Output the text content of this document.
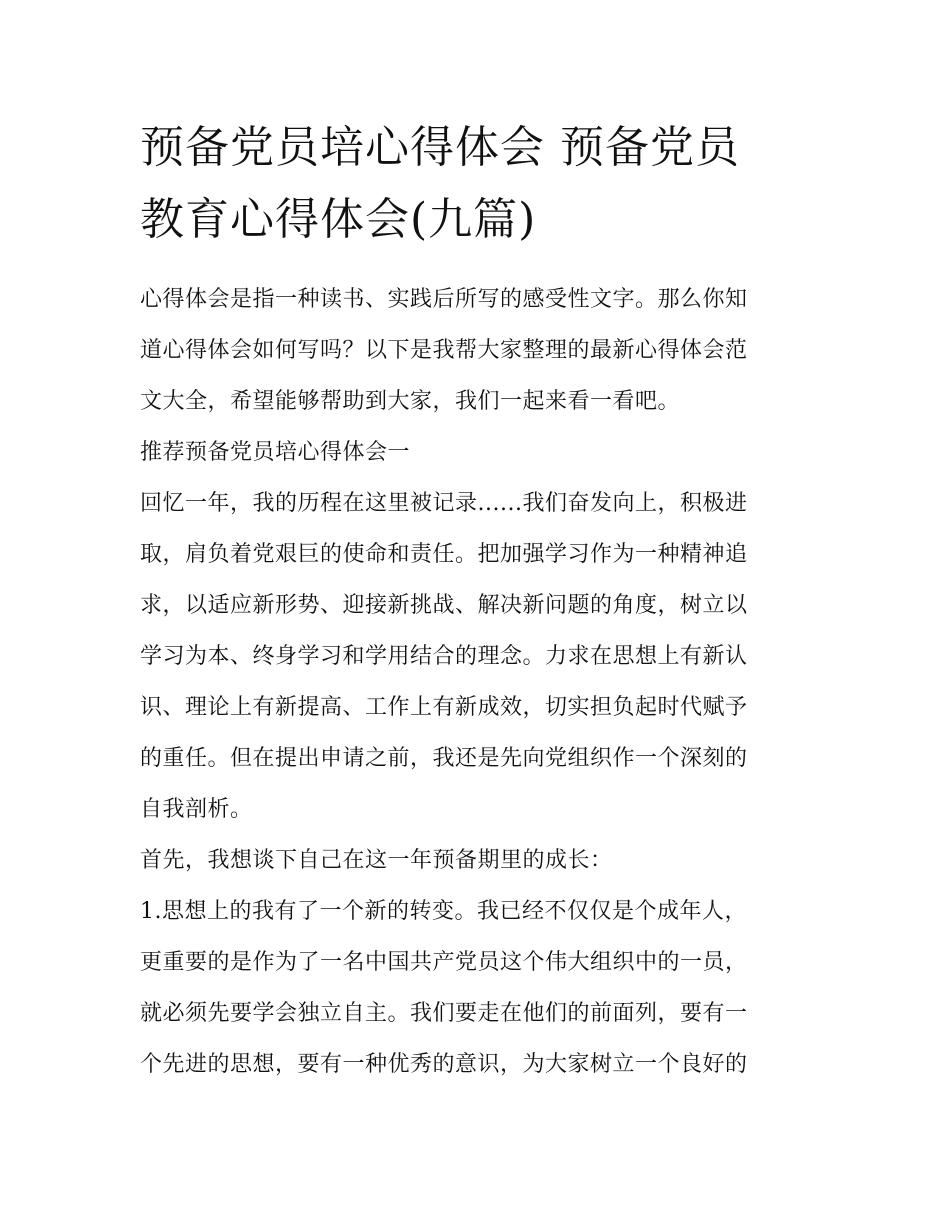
预备党员培心得体会 预备党员
教育心得体会(九篇)

心得体会是指一种读书、实践后所写的感受性文字。那么你知
道心得体会如何写吗？以下是我帮大家整理的最新心得体会范
文大全，希望能够帮助到大家，我们一起来看一看吧。

推荐预备党员培心得体会一

回忆一年，我的历程在这里被记录......我们奋发向上，积极进
取，肩负着党艰巨的使命和责任。把加强学习作为一种精神追
求，以适应新形势、迎接新挑战、解决新问题的角度，树立以
学习为本、终身学习和学用结合的理念。力求在思想上有新认
识、理论上有新提高、工作上有新成效，切实担负起时代赋予
的重任。但在提出申请之前，我还是先向党组织作一个深刻的
自我剖析。

首先，我想谈下自己在这一年预备期里的成长：

1.思想上的我有了一个新的转变。我已经不仅仅是个成年人，
更重要的是作为了一名中国共产党员这个伟大组织中的一员，
就必须先要学会独立自主。我们要走在他们的前面列，要有一
个先进的思想，要有一种优秀的意识，为大家树立一个良好的
